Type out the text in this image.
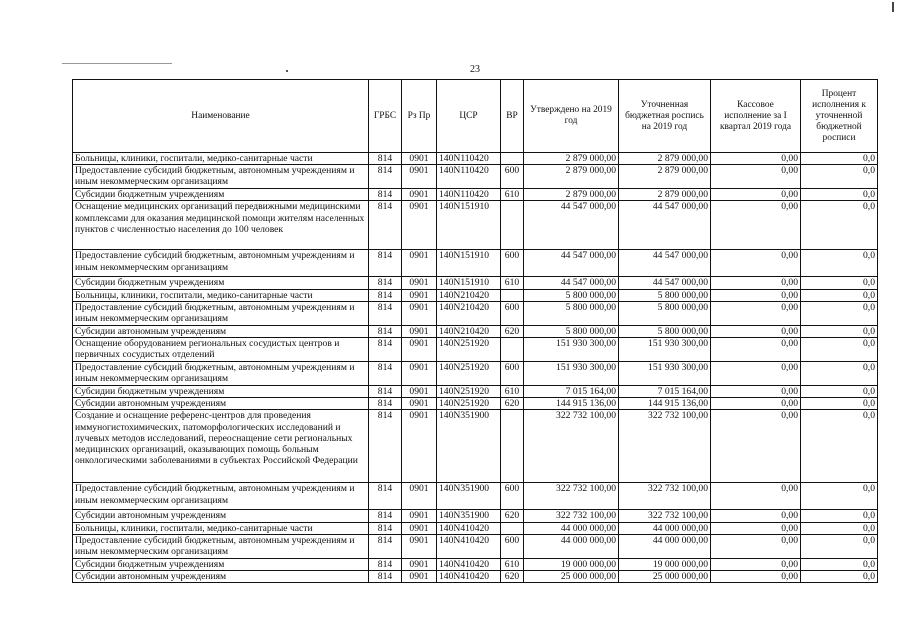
23
Наименование	ГРБС	Рз Пр	ЦСР	ВР	Утверждено на 2019 год	Уточненная бюджетная роспись на 2019 год	Кассовое исполнение за I квартал 2019 года	Процент исполнения к уточненной бюджетной росписи
Больницы, клиники, госпитали, медико-санитарные части	814	0901	140N110420		2 879 000,00	2 879 000,00	0,00	0,0
Предоставление субсидий бюджетным, автономным учреждениям и иным некоммерческим организациям	814	0901	140N110420	600	2 879 000,00	2 879 000,00	0,00	0,0
Субсидии бюджетным учреждениям	814	0901	140N110420	610	2 879 000,00	2 879 000,00	0,00	0,0
Оснащение медицинских организаций передвижными медицинскими комплексами для оказания медицинской помощи жителям населенных пунктов с численностью населения до 100 человек	814	0901	140N151910		44 547 000,00	44 547 000,00	0,00	0,0
Предоставление субсидий бюджетным, автономным учреждениям и иным некоммерческим организациям	814	0901	140N151910	600	44 547 000,00	44 547 000,00	0,00	0,0
Субсидии бюджетным учреждениям	814	0901	140N151910	610	44 547 000,00	44 547 000,00	0,00	0,0
Больницы, клиники, госпитали, медико-санитарные части	814	0901	140N210420		5 800 000,00	5 800 000,00	0,00	0,0
Предоставление субсидий бюджетным, автономным учреждениям и иным некоммерческим организациям	814	0901	140N210420	600	5 800 000,00	5 800 000,00	0,00	0,0
Субсидии автономным учреждениям	814	0901	140N210420	620	5 800 000,00	5 800 000,00	0,00	0,0
Оснащение оборудованием региональных сосудистых центров и первичных сосудистых отделений	814	0901	140N251920		151 930 300,00	151 930 300,00	0,00	0,0
Предоставление субсидий бюджетным, автономным учреждениям и иным некоммерческим организациям	814	0901	140N251920	600	151 930 300,00	151 930 300,00	0,00	0,0
Субсидии бюджетным учреждениям	814	0901	140N251920	610	7 015 164,00	7 015 164,00	0,00	0,0
Субсидии автономным учреждениям	814	0901	140N251920	620	144 915 136,00	144 915 136,00	0,00	0,0
Создание и оснащение референс-центров для проведения иммуногистохимических, патоморфологических исследований и лучевых методов исследований, переоснащение сети региональных медицинских организаций, оказывающих помощь больным онкологическими заболеваниями в субъектах Российской Федерации	814	0901	140N351900		322 732 100,00	322 732 100,00	0,00	0,0
Предоставление субсидий бюджетным, автономным учреждениям и иным некоммерческим организациям	814	0901	140N351900	600	322 732 100,00	322 732 100,00	0,00	0,0
Субсидии автономным учреждениям	814	0901	140N351900	620	322 732 100,00	322 732 100,00	0,00	0,0
Больницы, клиники, госпитали, медико-санитарные части	814	0901	140N410420		44 000 000,00	44 000 000,00	0,00	0,0
Предоставление субсидий бюджетным, автономным учреждениям и иным некоммерческим организациям	814	0901	140N410420	600	44 000 000,00	44 000 000,00	0,00	0,0
Субсидии бюджетным учреждениям	814	0901	140N410420	610	19 000 000,00	19 000 000,00	0,00	0,0
Субсидии автономным учреждениям	814	0901	140N410420	620	25 000 000,00	25 000 000,00	0,00	0,0
